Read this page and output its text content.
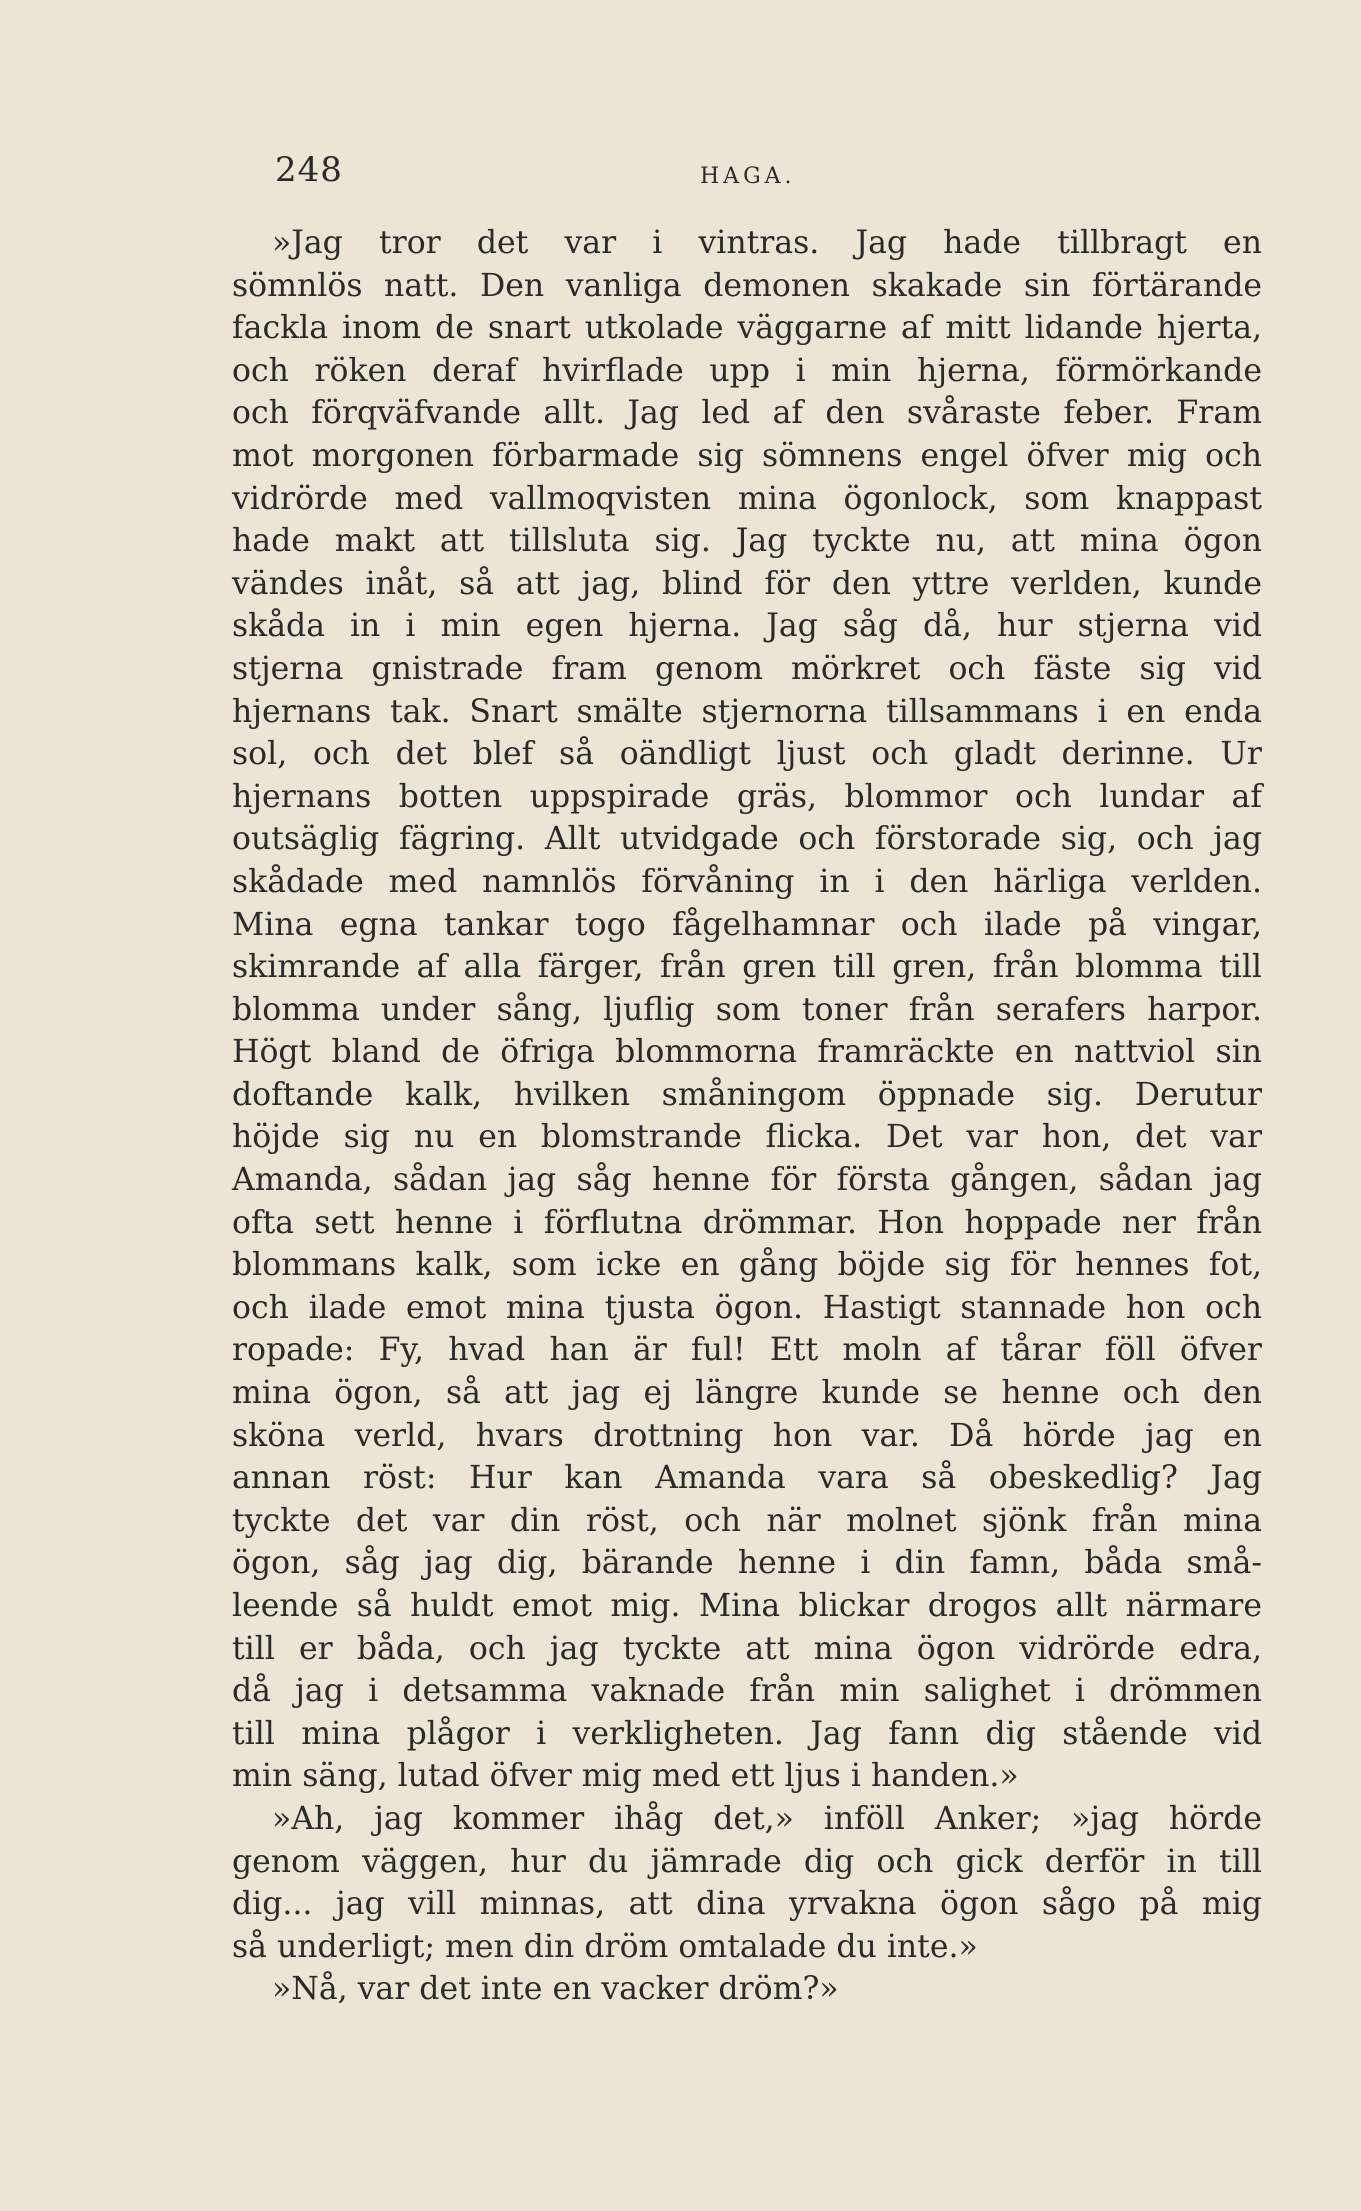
248	HAGA.
»Jag tror det var i vintras. Jag hade tillbragt en
sömnlös natt. Den vanliga demonen skakade sin förtärande
fackla inom de snart utkolade väggarne af mitt lidande hjerta,
och röken deraf hvirflade upp i min hjerna, förmörkande
och förqväfvande allt. Jag led af den svåraste feber. Fram
mot morgonen förbarmade sig sömnens engel öfver mig och
vidrörde med vallmoqvisten mina ögonlock, som knappast
hade makt att tillsluta sig. Jag tyckte nu, att mina ögon
vändes inåt, så att jag, blind för den yttre verlden, kunde
skåda in i min egen hjerna. Jag såg då, hur stjerna vid
stjerna gnistrade fram genom mörkret och fäste sig vid
hjernans tak. Snart smälte stjernorna tillsammans i en enda
sol, och det blef så oändligt ljust och gladt derinne. Ur
hjernans botten uppspirade gräs, blommor och lundar af
outsäglig fägring. Allt utvidgade och förstorade sig, och jag
skådade med namnlös förvåning in i den härliga verlden.
Mina egna tankar togo fågelhamnar och ilade på vingar,
skimrande af alla färger, från gren till gren, från blomma till
blomma under sång, ljuflig som toner från serafers harpor.
Högt bland de öfriga blommorna framräckte en nattviol sin
doftande kalk, hvilken småningom öppnade sig. Derutur
höjde sig nu en blomstrande flicka. Det var hon, det var
Amanda, sådan jag såg henne för första gången, sådan jag
ofta sett henne i förflutna drömmar. Hon hoppade ner från
blommans kalk, som icke en gång böjde sig för hennes fot,
och ilade emot mina tjusta ögon. Hastigt stannade hon och
ropade: Fy, hvad han är ful! Ett moln af tårar föll öfver
mina ögon, så att jag ej längre kunde se henne och den
sköna verld, hvars drottning hon var. Då hörde jag en
annan röst: Hur kan Amanda vara så obeskedlig? Jag
tyckte det var din röst, och när molnet sjönk från mina
ögon, såg jag dig, bärande henne i din famn, båda små-
leende så huldt emot mig. Mina blickar drogos allt närmare
till er båda, och jag tyckte att mina ögon vidrörde edra,
då jag i detsamma vaknade från min salighet i drömmen
till mina plågor i verkligheten. Jag fann dig stående vid
min säng, lutad öfver mig med ett ljus i handen.»
»Ah, jag kommer ihåg det,» inföll Anker; »jag hörde
genom väggen, hur du jämrade dig och gick derför in till
dig... jag vill minnas, att dina yrvakna ögon sågo på mig
så underligt; men din dröm omtalade du inte.»
»Nå, var det inte en vacker dröm?»
